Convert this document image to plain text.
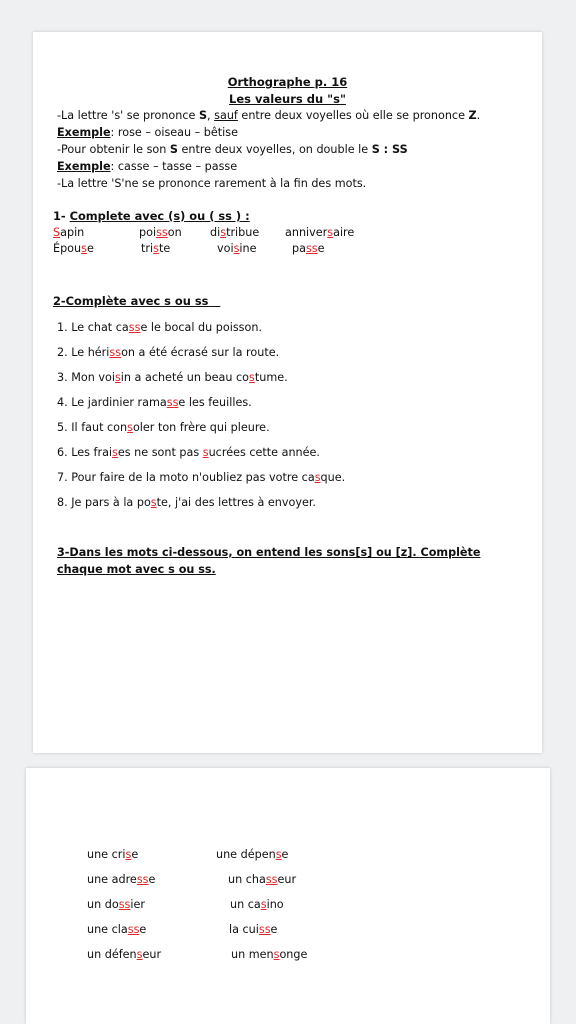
Orthographe p. 16
Les valeurs du "s"
-La lettre 's' se prononce S, sauf entre deux voyelles où elle se prononce Z.
Exemple: rose – oiseau – bêtise
-Pour obtenir le son S entre deux voyelles, on double le S : SS
Exemple: casse – tasse – passe
-La lettre 'S'ne se prononce rarement à la fin des mots.
1- Complete avec (s) ou ( ss ) :
Sapin	poisson	distribue anniversaire
Épouse	triste	voisine	passe
2-Complète avec s ou ss
1. Le chat casse le bocal du poisson.
2. Le hérisson a été écrasé sur la route.
3. Mon voisin a acheté un beau costume.
4. Le jardinier ramasse les feuilles.
5. Il faut consoler ton frère qui pleure.
6. Les fraises ne sont pas sucrées cette année.
7. Pour faire de la moto n'oubliez pas votre casque.
8. Je pars à la poste, j'ai des lettres à envoyer.
3-Dans les mots ci-dessous, on entend les sons[s] ou [z]. Complète
chaque mot avec s ou ss.
une crise	une dépense
une adresse	un chasseur
un dossier	un casino
une classe	la cuisse
un défenseur	un mensonge
